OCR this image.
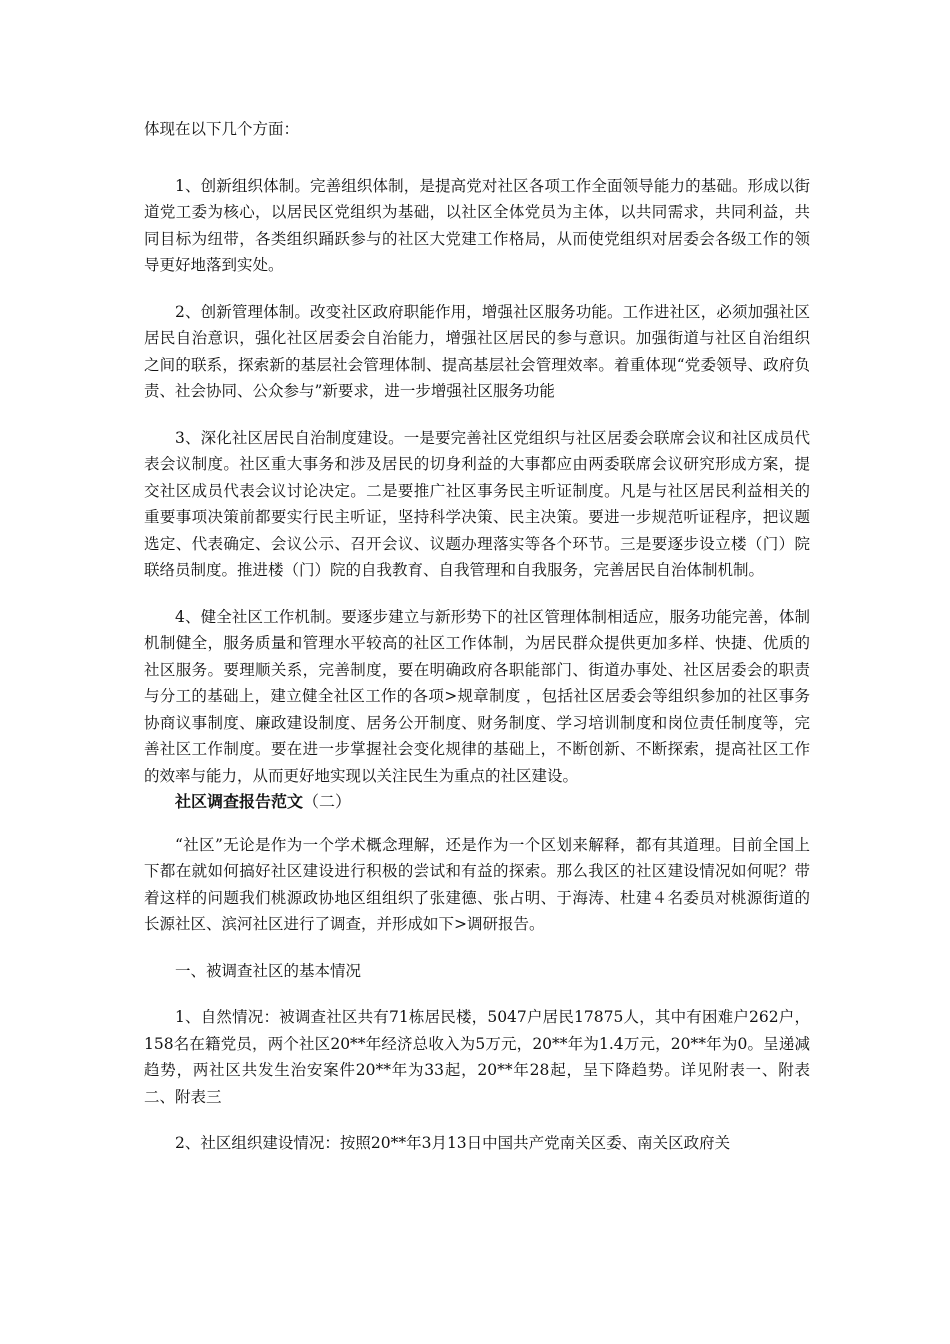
体现在以下几个方面：

1、创新组织体制。完善组织体制，是提高党对社区各项工作全面领导能力的基础。形成以街道党工委为核心，以居民区党组织为基础，以社区全体党员为主体，以共同需求，共同利益，共同目标为纽带，各类组织踊跃参与的社区大党建工作格局，从而使党组织对居委会各级工作的领导更好地落到实处。

2、创新管理体制。改变社区政府职能作用，增强社区服务功能。工作进社区，必须加强社区居民自治意识，强化社区居委会自治能力，增强社区居民的参与意识。加强街道与社区自治组织之间的联系，探索新的基层社会管理体制、提高基层社会管理效率。着重体现“党委领导、政府负责、社会协同、公众参与”新要求，进一步增强社区服务功能

3、深化社区居民自治制度建设。一是要完善社区党组织与社区居委会联席会议和社区成员代表会议制度。社区重大事务和涉及居民的切身利益的大事都应由两委联席会议研究形成方案，提交社区成员代表会议讨论决定。二是要推广社区事务民主听证制度。凡是与社区居民利益相关的重要事项决策前都要实行民主听证，坚持科学决策、民主决策。要进一步规范听证程序，把议题选定、代表确定、会议公示、召开会议、议题办理落实等各个环节。三是要逐步设立楼（门）院联络员制度。推进楼（门）院的自我教育、自我管理和自我服务，完善居民自治体制机制。

4、健全社区工作机制。要逐步建立与新形势下的社区管理体制相适应，服务功能完善，体制机制健全，服务质量和管理水平较高的社区工作体制，为居民群众提供更加多样、快捷、优质的社区服务。要理顺关系，完善制度，要在明确政府各职能部门、街道办事处、社区居委会的职责与分工的基础上，建立健全社区工作的各项>规章制度 ，包括社区居委会等组织参加的社区事务协商议事制度、廉政建设制度、居务公开制度、财务制度、学习培训制度和岗位责任制度等，完善社区工作制度。要在进一步掌握社会变化规律的基础上，不断创新、不断探索，提高社区工作的效率与能力，从而更好地实现以关注民生为重点的社区建设。

社区调查报告范文（二）

“社区”无论是作为一个学术概念理解，还是作为一个区划来解释，都有其道理。目前全国上下都在就如何搞好社区建设进行积极的尝试和有益的探索。那么我区的社区建设情况如何呢？带着这样的问题我们桃源政协地区组组织了张建德、张占明、于海涛、杜建４名委员对桃源街道的长源社区、滨河社区进行了调查，并形成如下>调研报告。

一、被调查社区的基本情况

1、自然情况：被调查社区共有71栋居民楼，5047户居民17875人，其中有困难户262户，158名在籍党员，两个社区20**年经济总收入为5万元，20**年为1.4万元，20**年为0。呈递减趋势，两社区共发生治安案件20**年为33起，20**年28起，呈下降趋势。详见附表一、附表二、附表三

2、社区组织建设情况：按照20**年3月13日中国共产党南关区委、南关区政府关
